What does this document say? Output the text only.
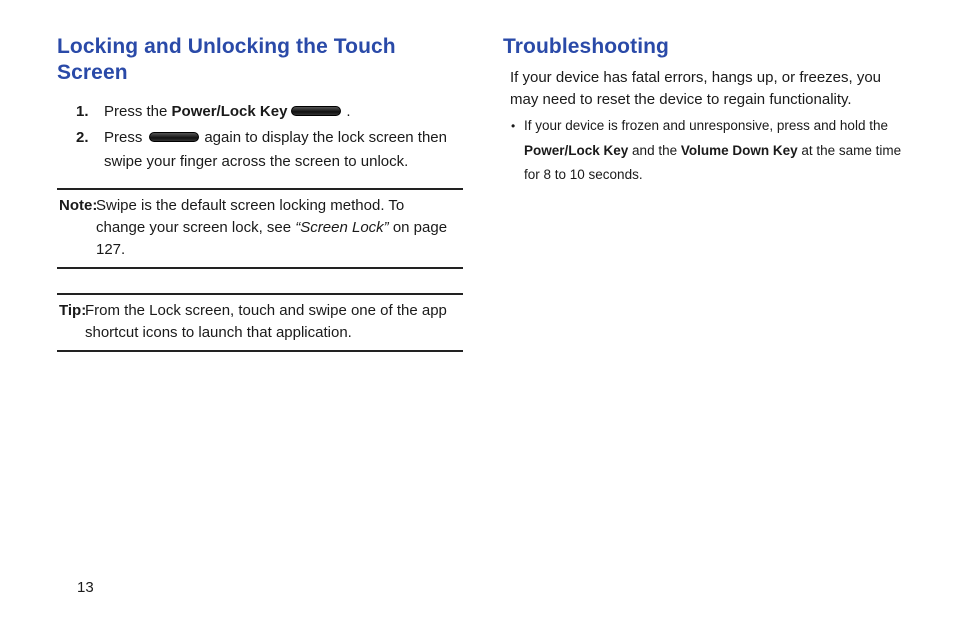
Locking and Unlocking the Touch Screen
1. Press the Power/Lock Key	.
2. Press	again to display the lock screen then swipe your finger across the screen to unlock.
Note:
Swipe is the default screen locking method. To change your screen lock, see “Screen Lock” on page 127.
Tip:
From the Lock screen, touch and swipe one of the app shortcut icons to launch that application.
Troubleshooting
If your device has fatal errors, hangs up, or freezes, you may need to reset the device to regain functionality.
• If your device is frozen and unresponsive, press and hold the Power/Lock Key and the Volume Down Key at the same time for 8 to 10 seconds.
13
